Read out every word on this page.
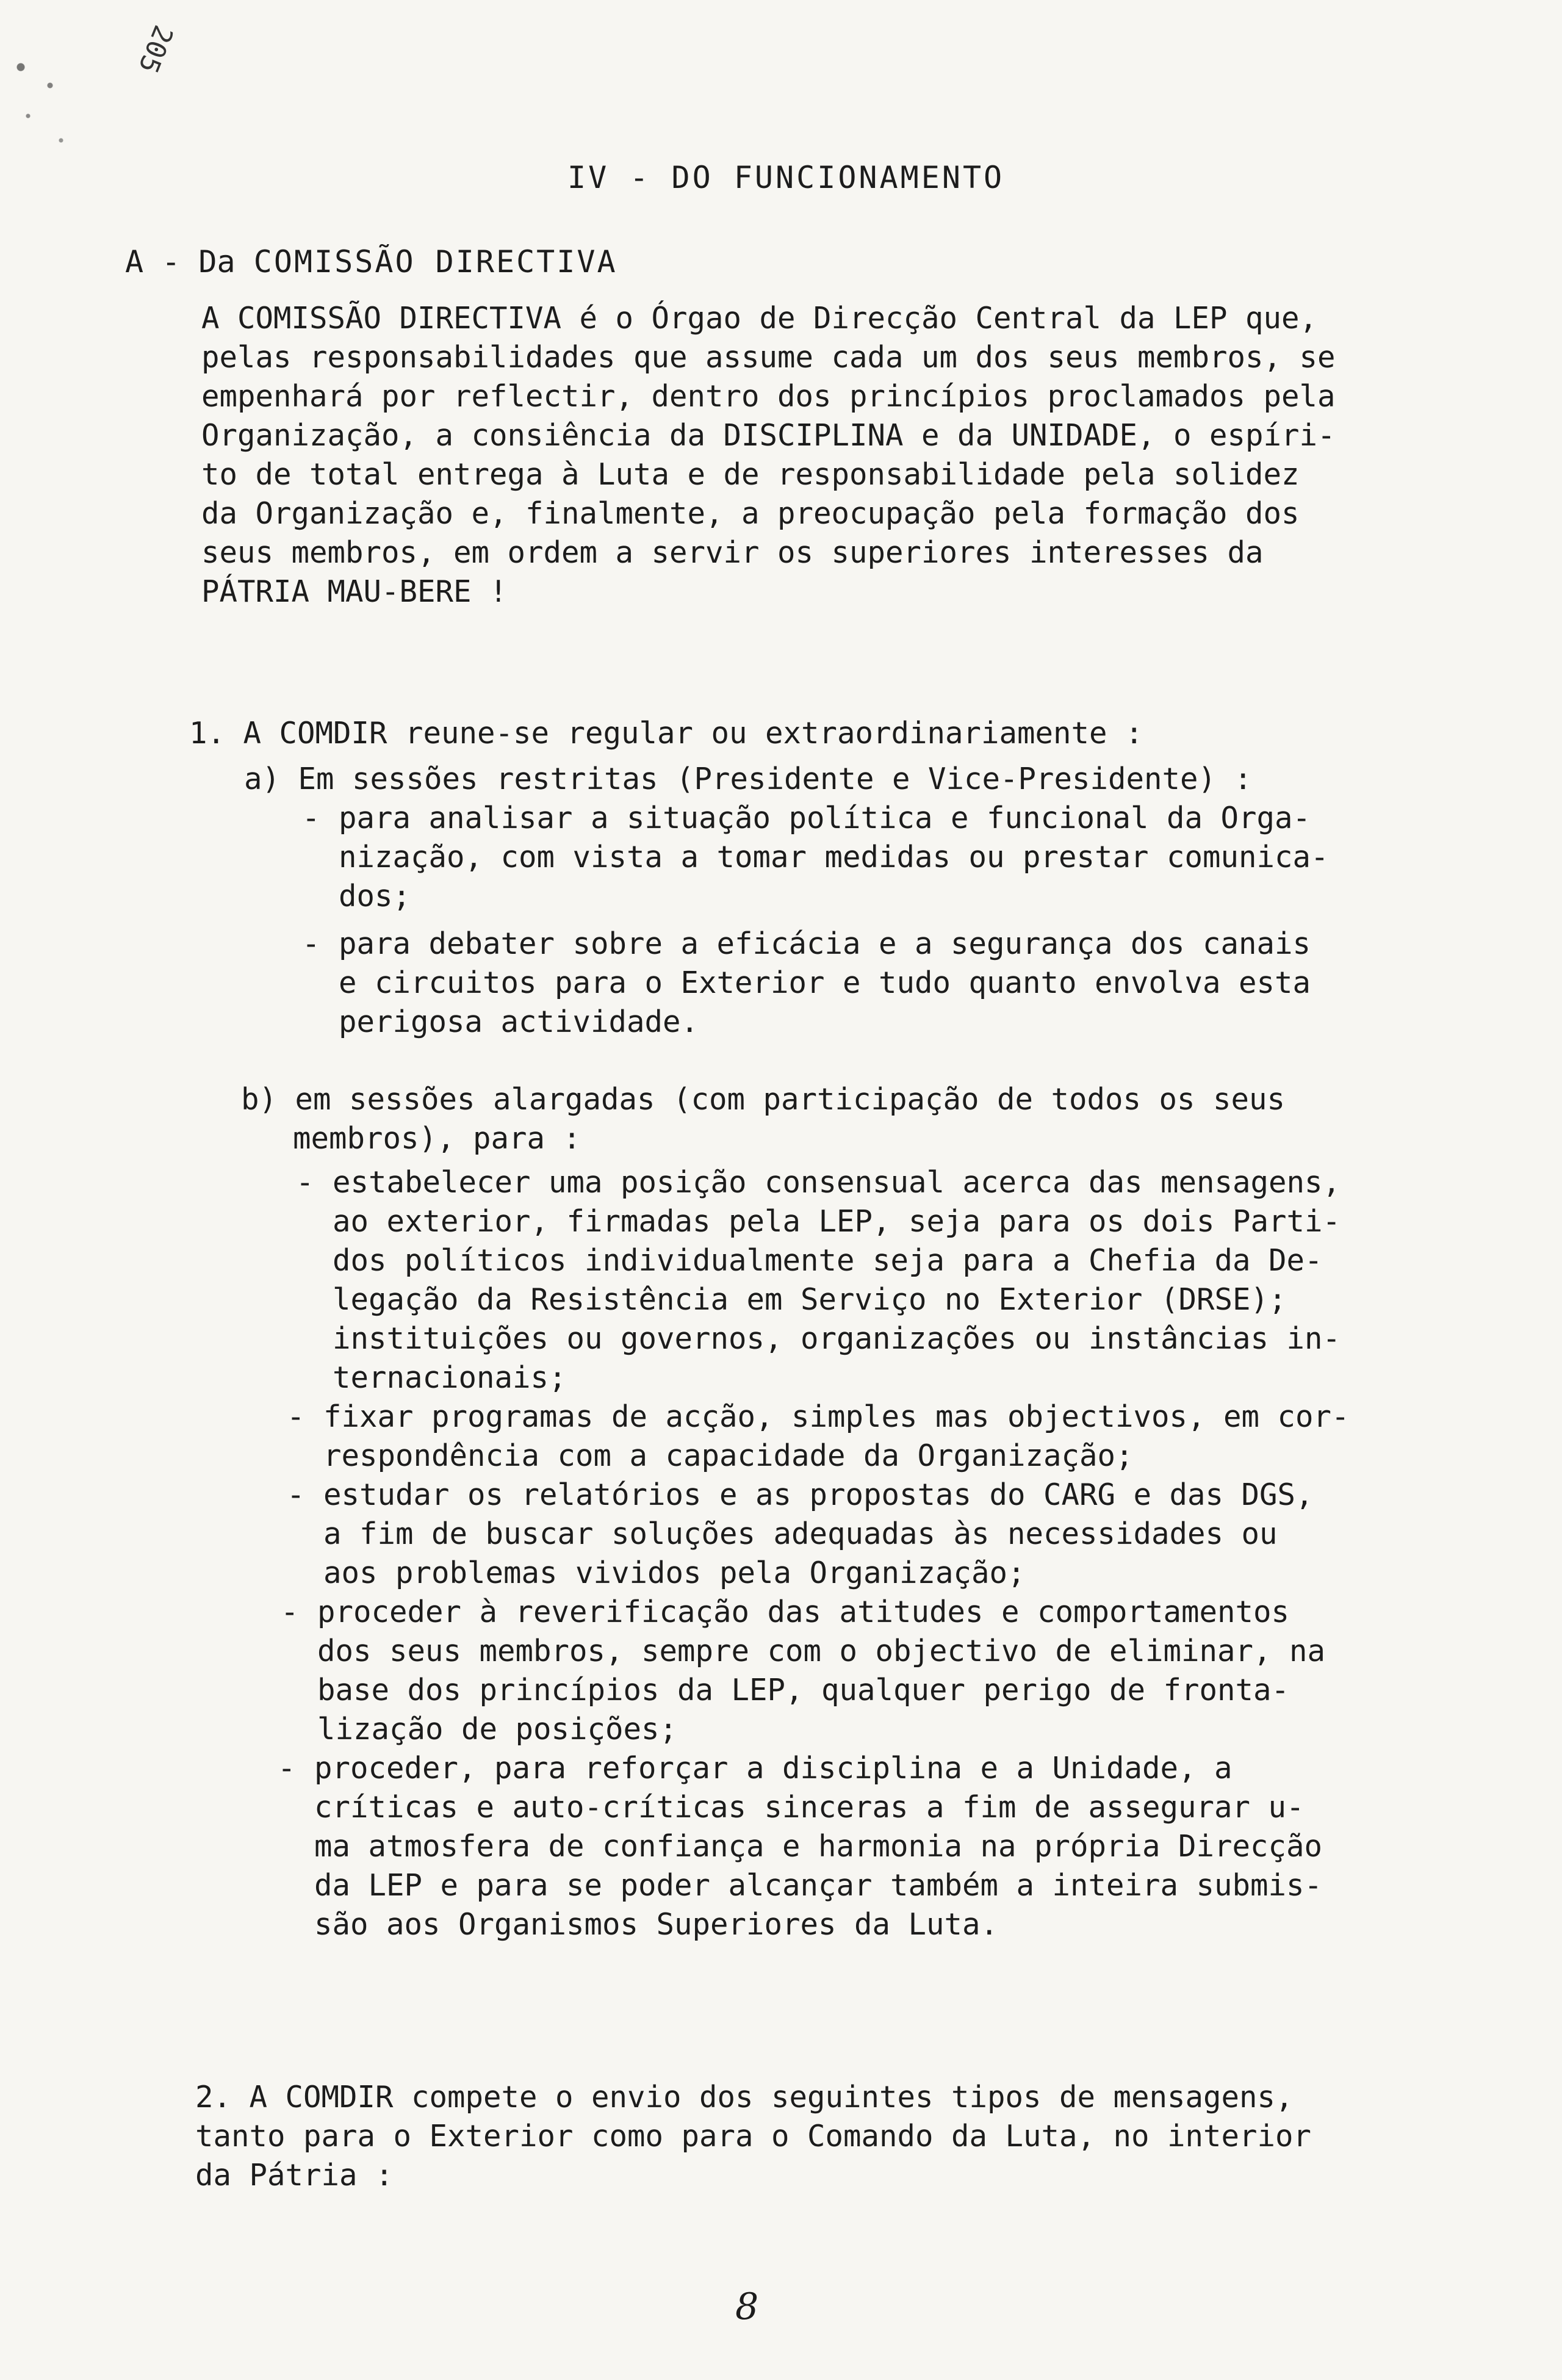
205
IV - DO FUNCIONAMENTO
A - Da COMISSÃO DIRECTIVA
A COMISSÃO DIRECTIVA é o Órgao de Direcção Central da LEP que,
pelas responsabilidades que assume cada um dos seus membros, se
empenhará por reflectir, dentro dos princípios proclamados pela
Organização, a consiência da DISCIPLINA e da UNIDADE, o espíri-
to de total entrega à Luta e de responsabilidade pela solidez
da Organização e, finalmente, a preocupação pela formação dos
seus membros, em ordem a servir os superiores interesses da
PÁTRIA MAU-BERE !
1. A COMDIR reune-se regular ou extraordinariamente :
a) Em sessões restritas (Presidente e Vice-Presidente) :
- para analisar a situação política e funcional da Orga-
nização, com vista a tomar medidas ou prestar comunica-
dos;
- para debater sobre a eficácia e a segurança dos canais
e circuitos para o Exterior e tudo quanto envolva esta
perigosa actividade.
b) em sessões alargadas (com participação de todos os seus
membros), para :
- estabelecer uma posição consensual acerca das mensagens,
ao exterior, firmadas pela LEP, seja para os dois Parti-
dos políticos individualmente seja para a Chefia da De-
legação da Resistência em Serviço no Exterior (DRSE);
instituições ou governos, organizações ou instâncias in-
ternacionais;
- fixar programas de acção, simples mas objectivos, em cor-
respondência com a capacidade da Organização;
- estudar os relatórios e as propostas do CARG e das DGS,
a fim de buscar soluções adequadas às necessidades ou
aos problemas vividos pela Organização;
- proceder à reverificação das atitudes e comportamentos
dos seus membros, sempre com o objectivo de eliminar, na
base dos princípios da LEP, qualquer perigo de fronta-
lização de posições;
- proceder, para reforçar a disciplina e a Unidade, a
críticas e auto-críticas sinceras a fim de assegurar u-
ma atmosfera de confiança e harmonia na própria Direcção
da LEP e para se poder alcançar também a inteira submis-
são aos Organismos Superiores da Luta.
2. A COMDIR compete o envio dos seguintes tipos de mensagens,
tanto para o Exterior como para o Comando da Luta, no interior
da Pátria :
8
